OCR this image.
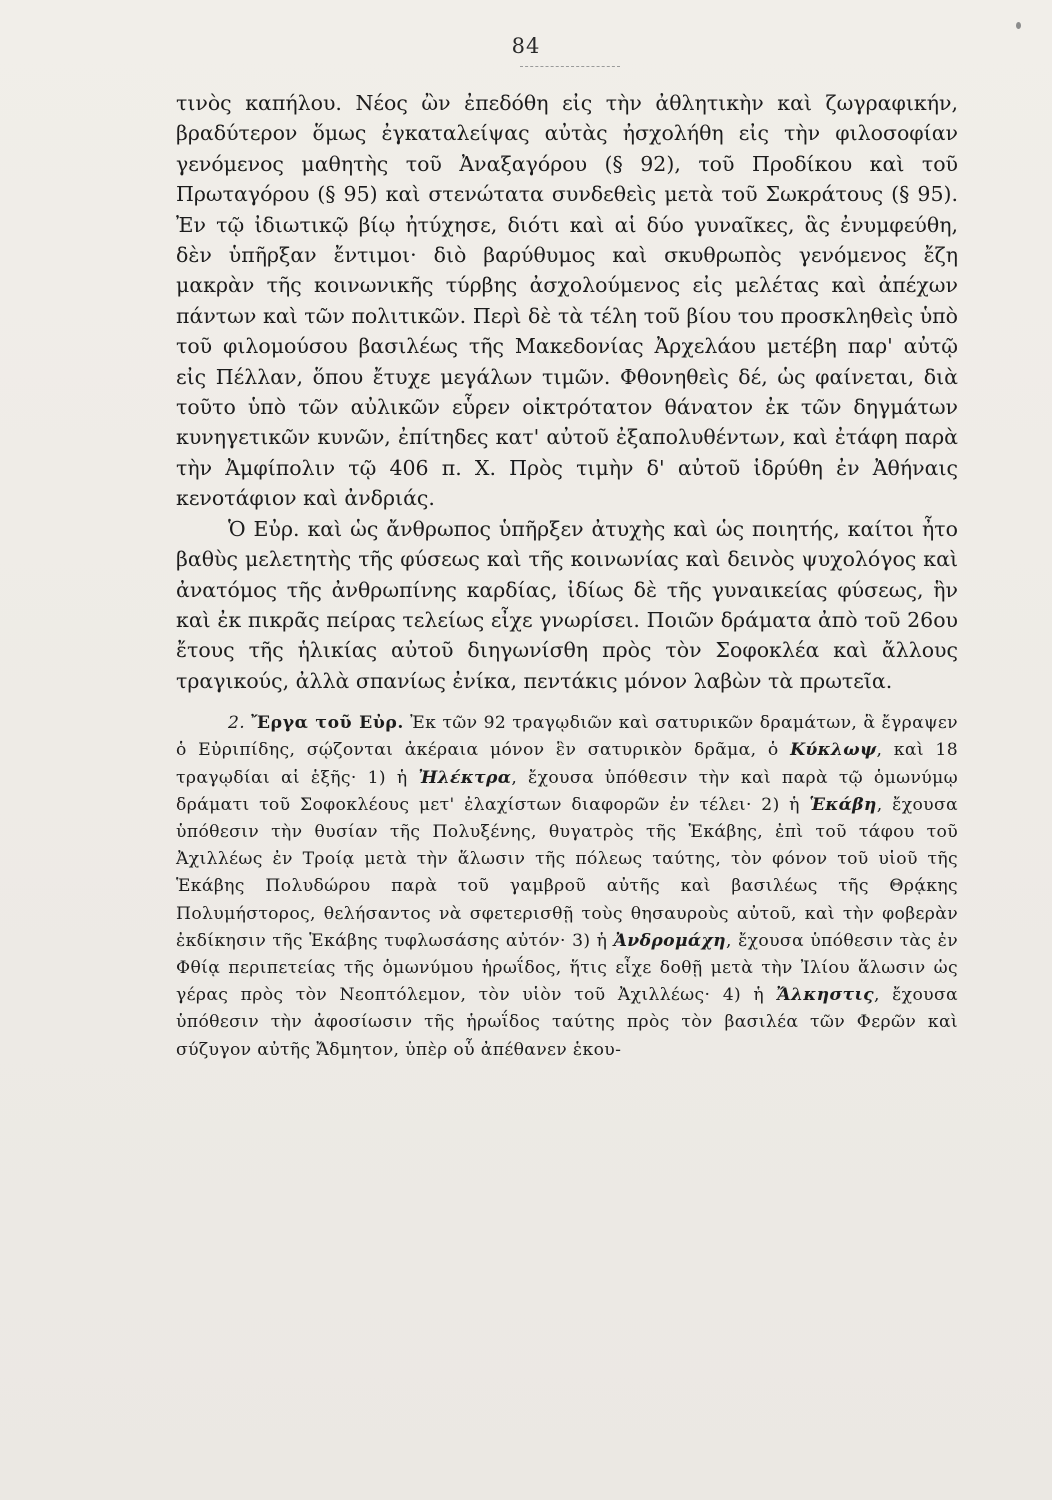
84

τινὸς καπήλου. Νέος ὢν ἐπεδόθη εἰς τὴν ἀθλητικὴν καὶ ζωγραφικήν, βραδύτερον ὅμως ἐγκαταλείψας αὐτὰς ἠσχολήθη εἰς τὴν φιλοσοφίαν γενόμενος μαθητὴς τοῦ Ἀναξαγόρου (§ 92), τοῦ Προδίκου καὶ τοῦ Πρωταγόρου (§ 95) καὶ στενώτατα συνδεθεὶς μετὰ τοῦ Σωκράτους (§ 95). Ἐν τῷ ἰδιωτικῷ βίῳ ἠτύχησε, διότι καὶ αἱ δύο γυναῖκες, ἃς ἐνυμφεύθη, δὲν ὑπῆρξαν ἔντιμοι· διὸ βαρύθυμος καὶ σκυθρωπὸς γενόμενος ἔζη μακρὰν τῆς κοινωνικῆς τύρβης ἀσχολούμενος εἰς μελέτας καὶ ἀπέχων πάντων καὶ τῶν πολιτικῶν. Περὶ δὲ τὰ τέλη τοῦ βίου του προσκληθεὶς ὑπὸ τοῦ φιλομούσου βασιλέως τῆς Μακεδονίας Ἀρχελάου μετέβη παρ' αὐτῷ εἰς Πέλλαν, ὅπου ἔτυχε μεγάλων τιμῶν. Φθονηθεὶς δέ, ὡς φαίνεται, διὰ τοῦτο ὑπὸ τῶν αὐλικῶν εὗρεν οἰκτρότατον θάνατον ἐκ τῶν δηγμάτων κυνηγετικῶν κυνῶν, ἐπίτηδες κατ' αὐτοῦ ἐξαπολυθέντων, καὶ ἐτάφη παρὰ τὴν Ἀμφίπολιν τῷ 406 π. Χ. Πρὸς τιμὴν δ' αὐτοῦ ἱδρύθη ἐν Ἀθήναις κενοτάφιον καὶ ἀνδριάς.

Ὁ Εὐρ. καὶ ὡς ἄνθρωπος ὑπῆρξεν ἀτυχὴς καὶ ὡς ποιητής, καίτοι ἦτο βαθὺς μελετητὴς τῆς φύσεως καὶ τῆς κοινωνίας καὶ δεινὸς ψυχολόγος καὶ ἀνατόμος τῆς ἀνθρωπίνης καρδίας, ἰδίως δὲ τῆς γυναικείας φύσεως, ἣν καὶ ἐκ πικρᾶς πείρας τελείως εἶχε γνωρίσει. Ποιῶν δράματα ἀπὸ τοῦ 26ου ἔτους τῆς ἡλικίας αὐτοῦ διηγωνίσθη πρὸς τὸν Σοφοκλέα καὶ ἄλλους τραγικούς, ἀλλὰ σπανίως ἐνίκα, πεντάκις μόνον λαβὼν τὰ πρωτεῖα.

2. Ἔργα τοῦ Εὐρ. Ἐκ τῶν 92 τραγῳδιῶν καὶ σατυρικῶν δραμάτων, ἃ ἔγραψεν ὁ Εὐριπίδης, σῴζονται ἀκέραια μόνον ἓν σατυρικὸν δρᾶμα, ὁ Κύκλωψ, καὶ 18 τραγῳδίαι αἱ ἑξῆς· 1) ἡ Ἠλέκτρα, ἔχουσα ὑπόθεσιν τὴν καὶ παρὰ τῷ ὁμωνύμῳ δράματι τοῦ Σοφοκλέους μετ' ἐλαχίστων διαφορῶν ἐν τέλει· 2) ἡ Ἑκάβη, ἔχουσα ὑπόθεσιν τὴν θυσίαν τῆς Πολυξένης, θυγατρὸς τῆς Ἑκάβης, ἐπὶ τοῦ τάφου τοῦ Ἀχιλλέως ἐν Τροίᾳ μετὰ τὴν ἅλωσιν τῆς πόλεως ταύτης, τὸν φόνον τοῦ υἱοῦ τῆς Ἑκάβης Πολυδώρου παρὰ τοῦ γαμβροῦ αὐτῆς καὶ βασιλέως τῆς Θρᾴκης Πολυμήστορος, θελήσαντος νὰ σφετερισθῇ τοὺς θησαυροὺς αὐτοῦ, καὶ τὴν φοβερὰν ἐκδίκησιν τῆς Ἑκάβης τυφλωσάσης αὐτόν· 3) ἡ Ἀνδρομάχη, ἔχουσα ὑπόθεσιν τὰς ἐν Φθίᾳ περιπετείας τῆς ὁμωνύμου ἡρωΐδος, ἥτις εἶχε δοθῇ μετὰ τὴν Ἰλίου ἅλωσιν ὡς γέρας πρὸς τὸν Νεοπτόλεμον, τὸν υἱὸν τοῦ Ἀχιλλέως· 4) ἡ Ἄλκηστις, ἔχουσα ὑπόθεσιν τὴν ἀφοσίωσιν τῆς ἡρωΐδος ταύτης πρὸς τὸν βασιλέα τῶν Φερῶν καὶ σύζυγον αὐτῆς Ἄδμητον, ὑπὲρ οὗ ἀπέθανεν ἑκου-
